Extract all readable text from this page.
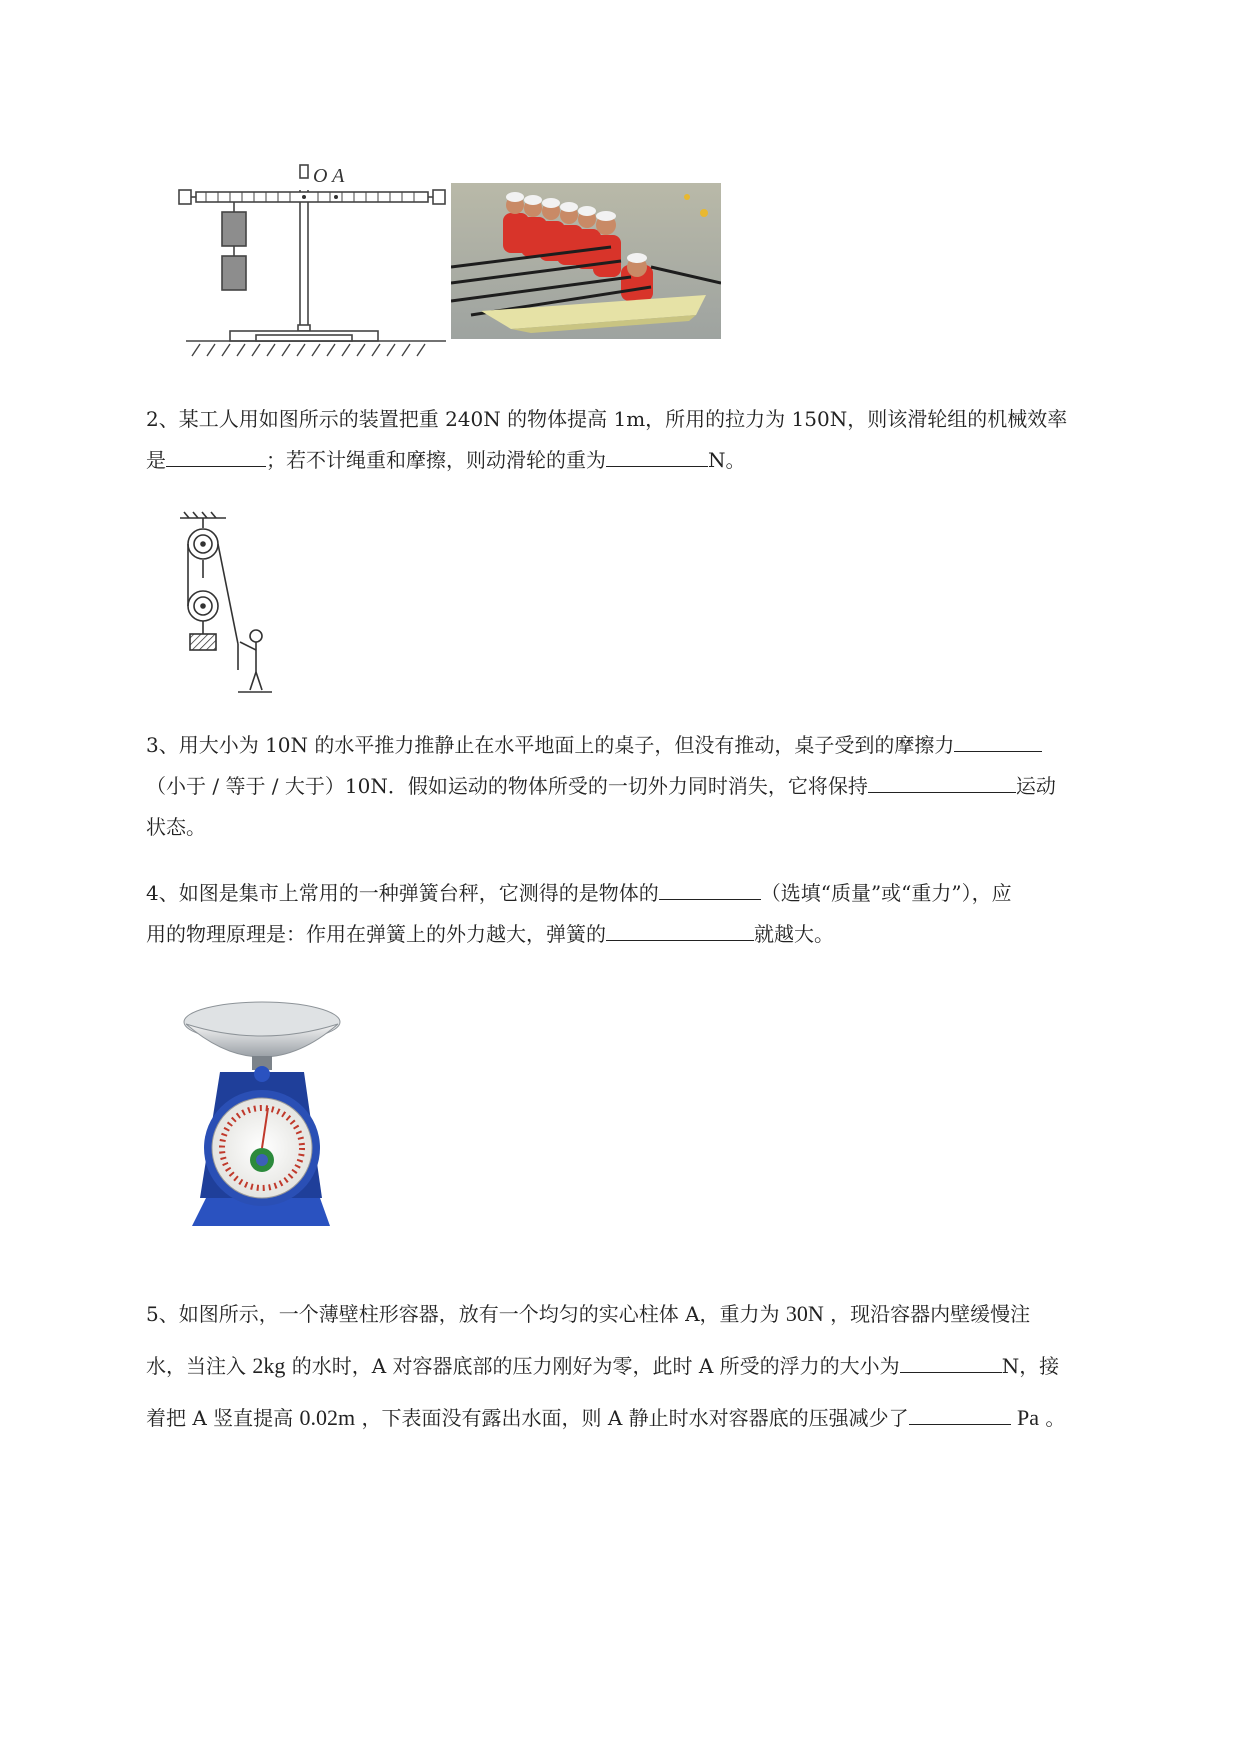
O A
2、某工人用如图所示的装置把重 240N 的物体提高 1m，所用的拉力为 150N，则该滑轮组的机械效率
是	；若不计绳重和摩擦，则动滑轮的重为	N。
3、用大小为 10N 的水平推力推静止在水平地面上的桌子，但没有推动，桌子受到的摩擦力
（小于 / 等于 / 大于）10N．假如运动的物体所受的一切外力同时消失，它将保持	运动
状态。
4、如图是集市上常用的一种弹簧台秤，它测得的是物体的	（选填“质量”或“重力”），应
用的物理原理是：作用在弹簧上的外力越大，弹簧的	就越大。
5、如图所示，一个薄壁柱形容器，放有一个均匀的实心柱体 A，重力为 30N ，现沿容器内壁缓慢注
水，当注入 2kg 的水时，A 对容器底部的压力刚好为零，此时 A 所受的浮力的大小为	N，接
着把 A 竖直提高 0.02m ，下表面没有露出水面，则 A 静止时水对容器底的压强减少了	Pa 。
